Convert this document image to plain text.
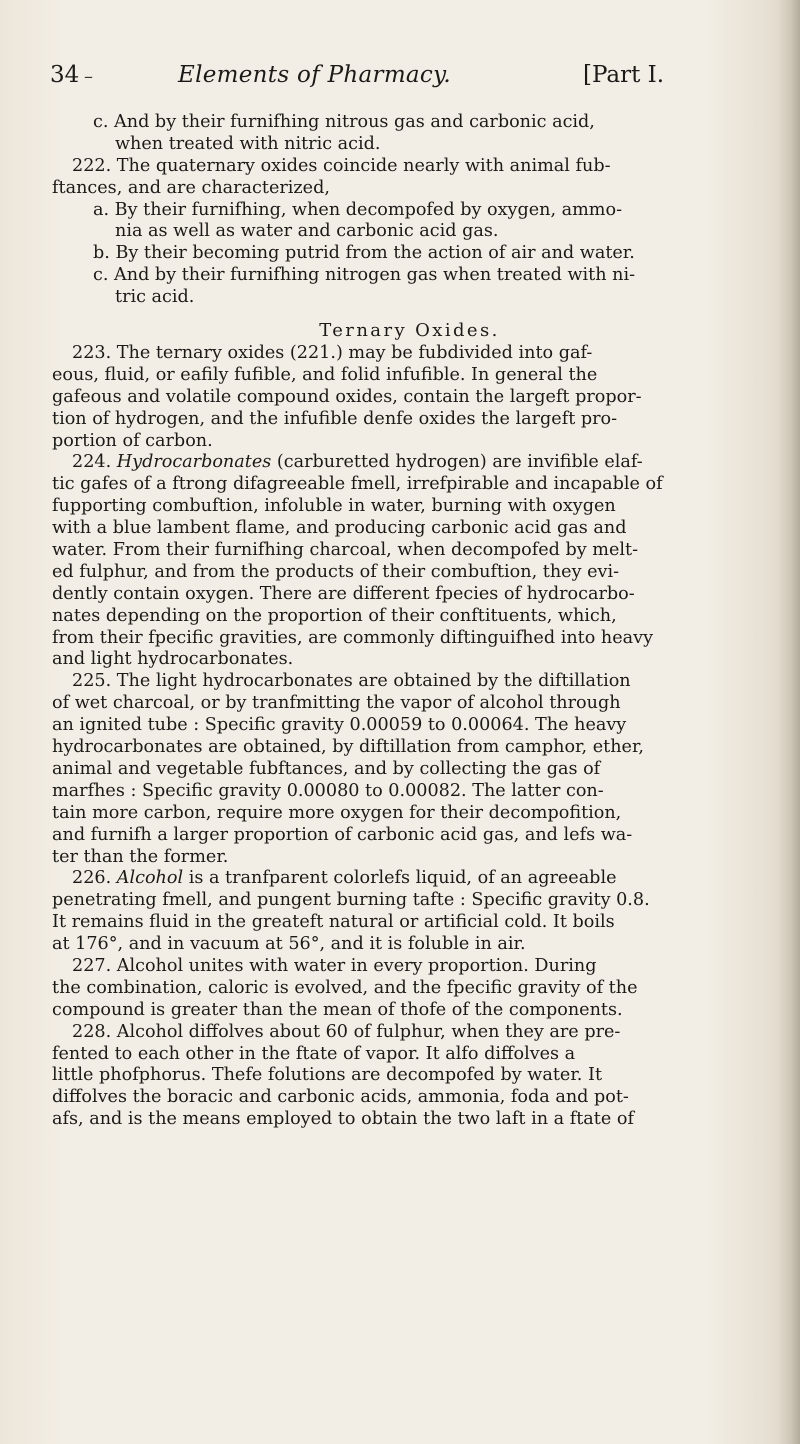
34 –	Elements of Pharmacy.	[Part I.
c. And by their furnifhing nitrous gas and carbonic acid,
when treated with nitric acid.
222. The quaternary oxides coincide nearly with animal fub-
ftances, and are characterized,
a. By their furnifhing, when decompofed by oxygen, ammo-
nia as well as water and carbonic acid gas.
b. By their becoming putrid from the action of air and water.
c. And by their furnifhing nitrogen gas when treated with ni-
tric acid.
Ternary Oxides.
223. The ternary oxides (221.) may be fubdivided into gaf-
eous, fluid, or eafily fufible, and folid infufible. In general the
gafeous and volatile compound oxides, contain the largeft propor-
tion of hydrogen, and the infufible denfe oxides the largeft pro-
portion of carbon.
224. Hydrocarbonates (carburetted hydrogen) are invifible elaf-
tic gafes of a ftrong difagreeable fmell, irrefpirable and incapable of
fupporting combuftion, infoluble in water, burning with oxygen
with a blue lambent flame, and producing carbonic acid gas and
water. From their furnifhing charcoal, when decompofed by melt-
ed fulphur, and from the products of their combuftion, they evi-
dently contain oxygen. There are different fpecies of hydrocarbo-
nates depending on the proportion of their conftituents, which,
from their fpecific gravities, are commonly diftinguifhed into heavy
and light hydrocarbonates.
225. The light hydrocarbonates are obtained by the diftillation
of wet charcoal, or by tranfmitting the vapor of alcohol through
an ignited tube : Specific gravity 0.00059 to 0.00064. The heavy
hydrocarbonates are obtained, by diftillation from camphor, ether,
animal and vegetable fubftances, and by collecting the gas of
marfhes : Specific gravity 0.00080 to 0.00082. The latter con-
tain more carbon, require more oxygen for their decompofition,
and furnifh a larger proportion of carbonic acid gas, and lefs wa-
ter than the former.
226. Alcohol is a tranfparent colorlefs liquid, of an agreeable
penetrating fmell, and pungent burning tafte : Specific gravity 0.8.
It remains fluid in the greateft natural or artificial cold. It boils
at 176°, and in vacuum at 56°, and it is foluble in air.
227. Alcohol unites with water in every proportion. During
the combination, caloric is evolved, and the fpecific gravity of the
compound is greater than the mean of thofe of the components.
228. Alcohol diffolves about 60 of fulphur, when they are pre-
fented to each other in the ftate of vapor. It alfo diffolves a
little phofphorus. Thefe folutions are decompofed by water. It
diffolves the boracic and carbonic acids, ammonia, foda and pot-
afs, and is the means employed to obtain the two laft in a ftate of
